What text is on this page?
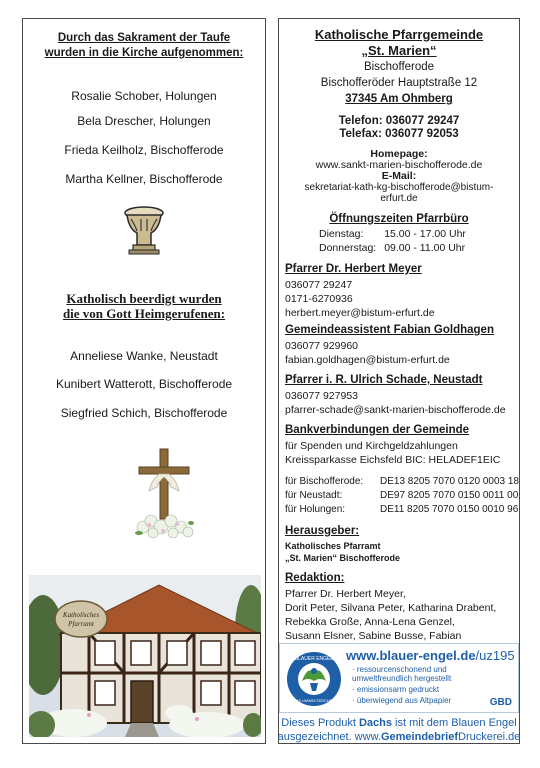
Durch das Sakrament der Taufe
wurden in die Kirche aufgenommen:
Rosalie Schober, Holungen
Bela Drescher, Holungen
Frieda Keilholz, Bischofferode
Martha Kellner, Bischofferode
Katholisch beerdigt wurden
die von Gott Heimgerufenen:
Anneliese Wanke, Neustadt
Kunibert Watterott, Bischofferode
Siegfried Schich, Bischofferode
Katholisches
Pfarramt
Katholische Pfarrgemeinde
„St. Marien“
Bischofferode
Bischofferöder Hauptstraße 12
37345 Am Ohmberg
Telefon: 036077 29247
Telefax: 036077 92053
Homepage:
www.sankt-marien-bischofferode.de
E-Mail:
sekretariat-kath-kg-bischofferode@bistum-
erfurt.de
Öffnungszeiten Pfarrbüro
Dienstag:	15.00 - 17.00 Uhr
Donnerstag:	09.00 - 11.00 Uhr
Pfarrer Dr. Herbert Meyer
036077 29247
0171-6270936
herbert.meyer@bistum-erfurt.de
Gemeindeassistent Fabian Goldhagen
036077 929960
fabian.goldhagen@bistum-erfurt.de
Pfarrer i. R. Ulrich Schade, Neustadt
036077 927953
pfarrer-schade@sankt-marien-bischofferode.de
Bankverbindungen der Gemeinde
für Spenden und Kirchgeldzahlungen
Kreissparkasse Eichsfeld BIC: HELADEF1EIC
für Bischofferode:	DE13 8205 7070 0120 0003 18
für Neustadt:	DE97 8205 7070 0150 0011 00
für Holungen:	DE11 8205 7070 0150 0010 96
Herausgeber:
Katholisches Pfarramt
„St. Marien“ Bischofferode
Redaktion:
Pfarrer Dr. Herbert Meyer,
Dorit Peter, Silvana Peter, Katharina Drabent,
Rebekka Große, Anna-Lena Genzel,
Susann Elsner, Sabine Busse, Fabian
BLAUER ENGEL
DAS UMWELTZEICHEN
www.blauer-engel.de/uz195
· ressourcenschonend und
umweltfreundlich hergestellt
· emissionsarm gedruckt
· überwiegend aus Altpapier	GBD
Dieses Produkt Dachs ist mit dem Blauen Engel
ausgezeichnet. www.GemeindebriefDruckerei.de
